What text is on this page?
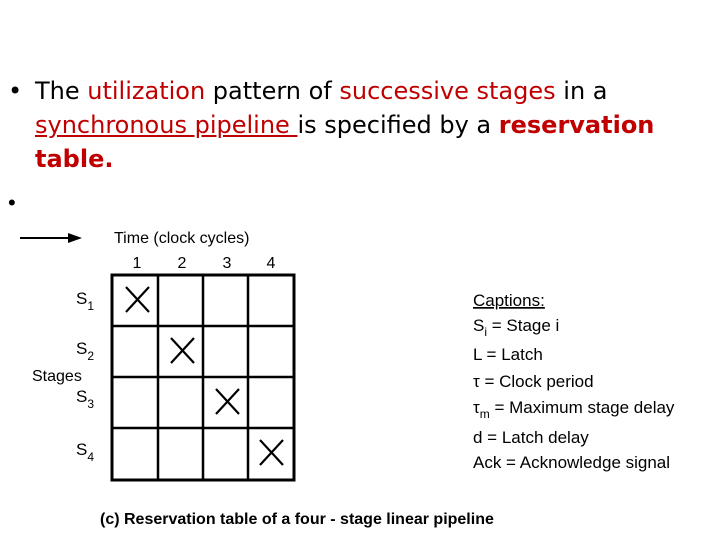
• The utilization pattern of successive stages in a synchronous pipeline is specified by a reservation table.
•
Time (clock cycles)
1 2 3 4
$S_1$
$S_2$
Stages
$S_3$
$S_4$
Captions:
$S_i$ = Stage i
L = Latch
τ = Clock period
$\tau_m$ = Maximum stage delay
d = Latch delay
Ack = Acknowledge signal
(c) Reservation table of a four - stage linear pipeline
